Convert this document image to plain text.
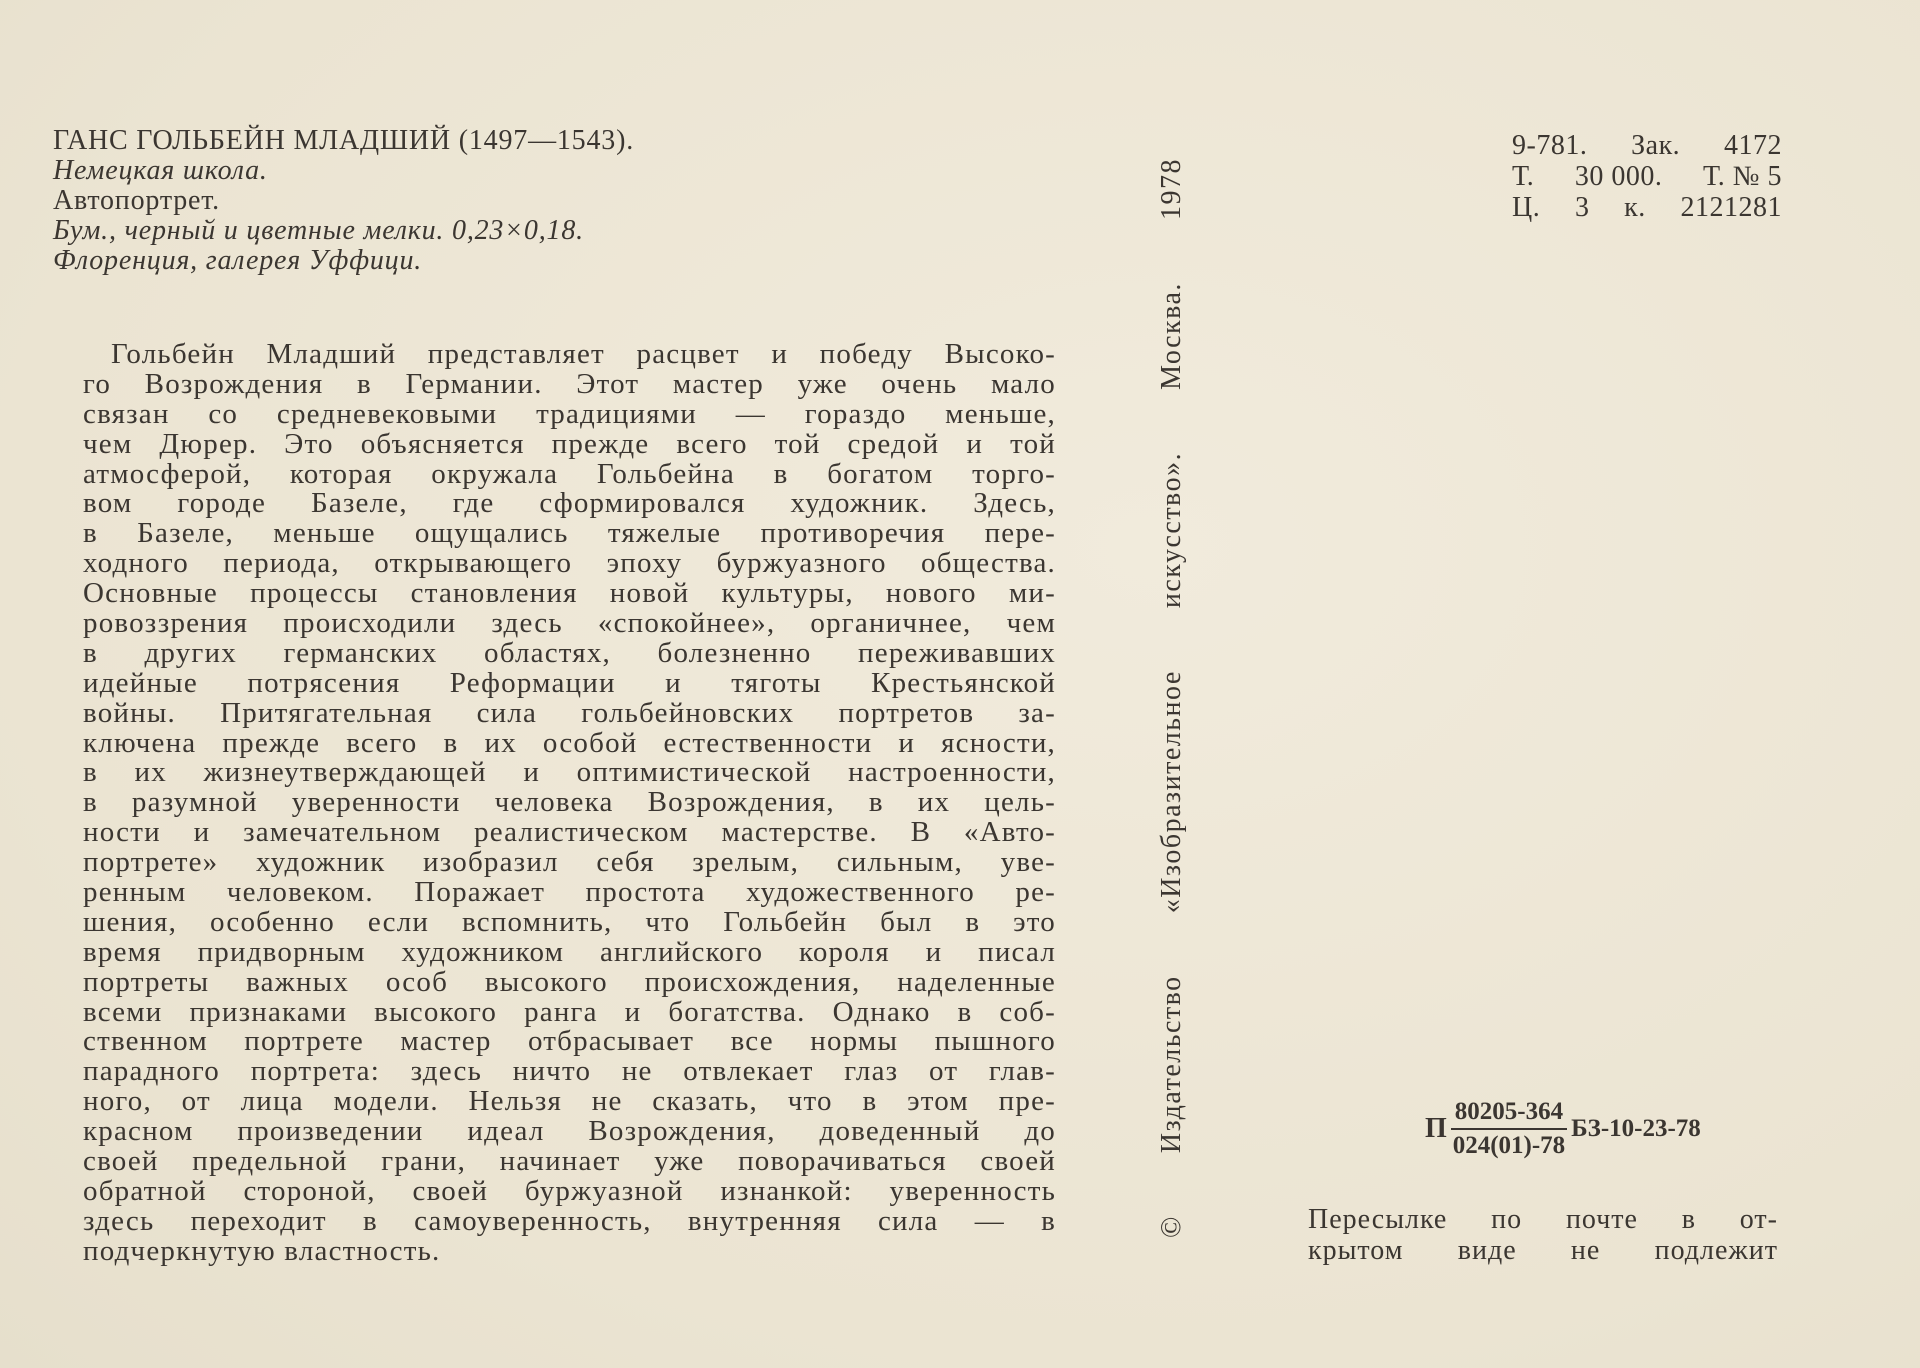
ГАНС ГОЛЬБЕЙН МЛАДШИЙ (1497—1543).
Немецкая школа.
Автопортрет.
Бум., черный и цветные мелки. 0,23×0,18.
Флоренция, галерея Уффици.
Гольбейн Младший представляет расцвет и победу Высоко-
го Возрождения в Германии. Этот мастер уже очень мало
связан со средневековыми традициями — гораздо меньше,
чем Дюрер. Это объясняется прежде всего той средой и той
атмосферой, которая окружала Гольбейна в богатом торго-
вом городе Базеле, где сформировался художник. Здесь,
в Базеле, меньше ощущались тяжелые противоречия пере-
ходного периода, открывающего эпоху буржуазного общества.
Основные процессы становления новой культуры, нового ми-
ровоззрения происходили здесь «спокойнее», органичнее, чем
в других германских областях, болезненно переживавших
идейные потрясения Реформации и тяготы Крестьянской
войны. Притягательная сила гольбейновских портретов за-
ключена прежде всего в их особой естественности и ясности,
в их жизнеутверждающей и оптимистической настроенности,
в разумной уверенности человека Возрождения, в их цель-
ности и замечательном реалистическом мастерстве. В «Авто-
портрете» художник изобразил себя зрелым, сильным, уве-
ренным человеком. Поражает простота художественного ре-
шения, особенно если вспомнить, что Гольбейн был в это
время придворным художником английского короля и писал
портреты важных особ высокого происхождения, наделенные
всеми признаками высокого ранга и богатства. Однако в соб-
ственном портрете мастер отбрасывает все нормы пышного
парадного портрета: здесь ничто не отвлекает глаз от глав-
ного, от лица модели. Нельзя не сказать, что в этом пре-
красном произведении идеал Возрождения, доведенный до
своей предельной грани, начинает уже поворачиваться своей
обратной стороной, своей буржуазной изнанкой: уверенность
здесь переходит в самоуверенность, внутренняя сила — в
подчеркнутую властность.
©
Издательство
«Изобразительное
искусство».
Москва.
1978
9-781. Зак. 4172
Т. 30 000. Т. № 5
Ц. 3 к. 2121281
П $\frac{80205-364}{024(01)-78} БЗ-10-23-78$
Пересылке по почте в от-
крытом виде не подлежит
